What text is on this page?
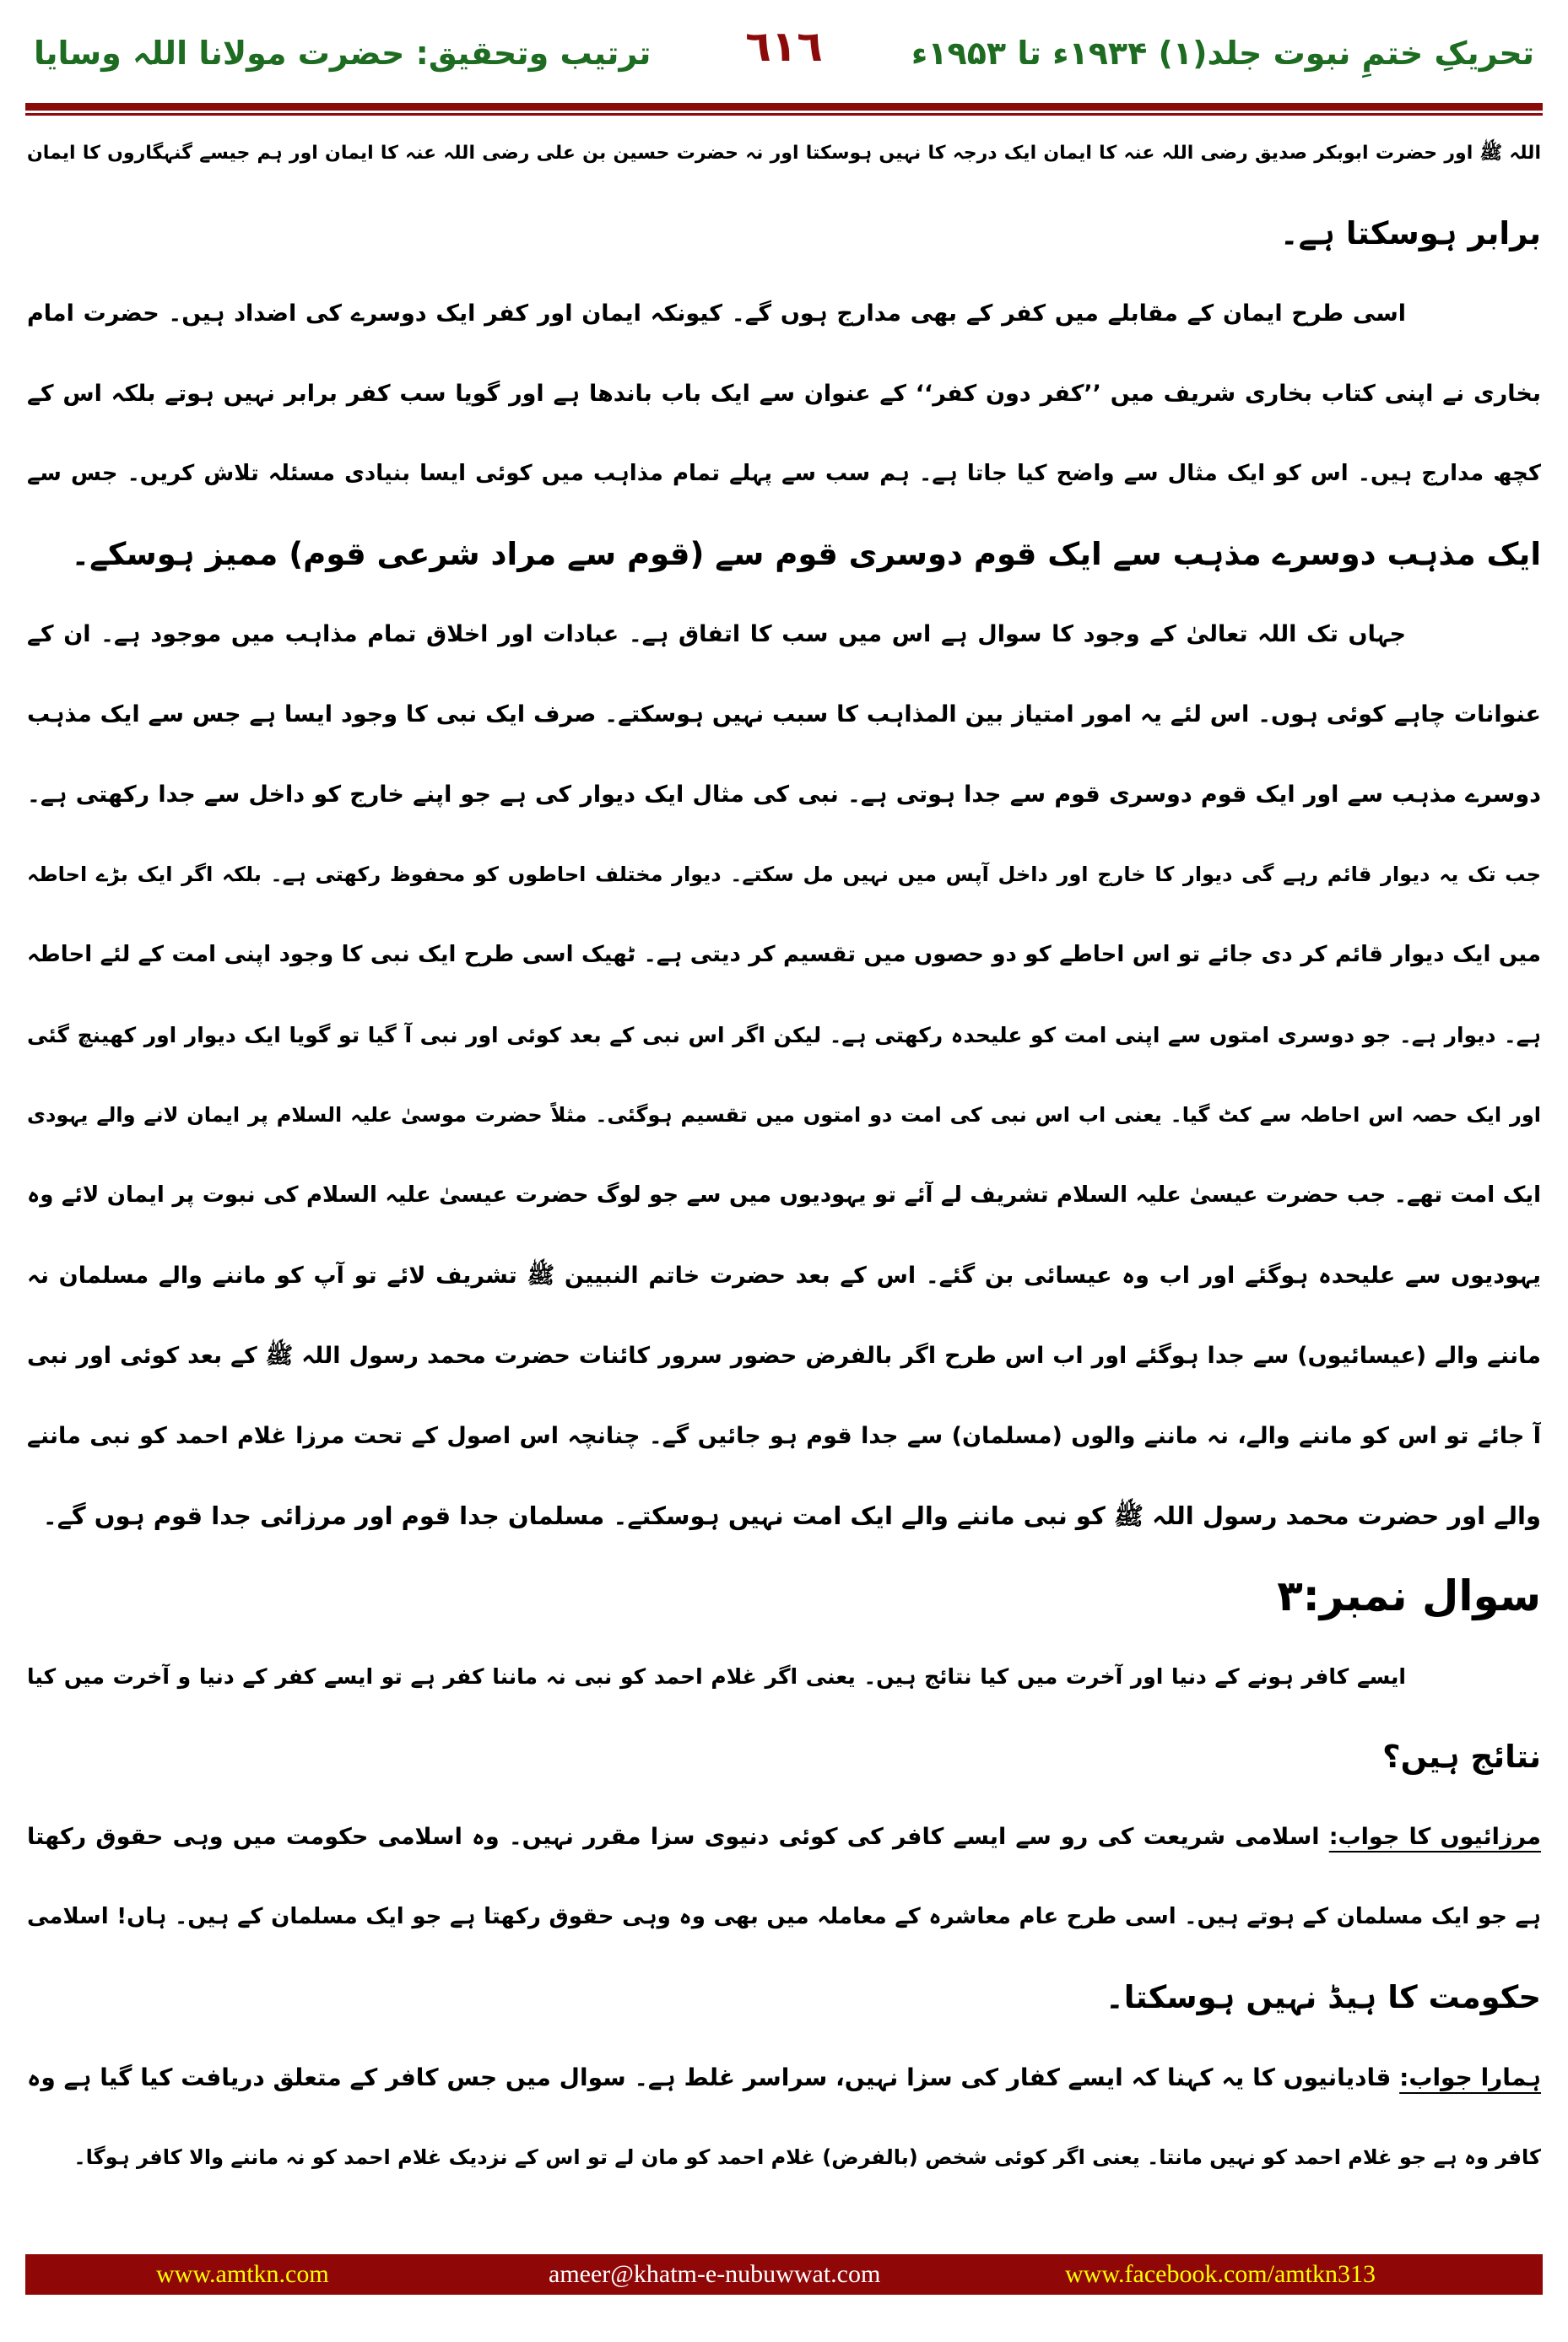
تحریکِ ختمِ نبوت جلد(۱) ۱۹۳۴ء تا ۱۹۵۳ء
٦١٦
ترتیب وتحقیق: حضرت مولانا اللہ وسایا
اللہ ﷺ اور حضرت ابوبکر صدیق رضی اللہ عنہ کا ایمان ایک درجہ کا نہیں ہوسکتا اور نہ حضرت حسین بن علی رضی اللہ عنہ کا ایمان اور ہم جیسے گنہگاروں کا ایمان
برابر ہوسکتا ہے۔
اسی طرح ایمان کے مقابلے میں کفر کے بھی مدارج ہوں گے۔ کیونکہ ایمان اور کفر ایک دوسرے کی اضداد ہیں۔ حضرت امام
بخاری نے اپنی کتاب بخاری شریف میں ’’کفر دون کفر‘‘ کے عنوان سے ایک باب باندھا ہے اور گویا سب کفر برابر نہیں ہوتے بلکہ اس کے
کچھ مدارج ہیں۔ اس کو ایک مثال سے واضح کیا جاتا ہے۔ ہم سب سے پہلے تمام مذاہب میں کوئی ایسا بنیادی مسئلہ تلاش کریں۔ جس سے
ایک مذہب دوسرے مذہب سے ایک قوم دوسری قوم سے (قوم سے مراد شرعی قوم) ممیز ہوسکے۔
جہاں تک اللہ تعالیٰ کے وجود کا سوال ہے اس میں سب کا اتفاق ہے۔ عبادات اور اخلاق تمام مذاہب میں موجود ہے۔ ان کے
عنوانات چاہے کوئی ہوں۔ اس لئے یہ امور امتیاز بین المذاہب کا سبب نہیں ہوسکتے۔ صرف ایک نبی کا وجود ایسا ہے جس سے ایک مذہب
دوسرے مذہب سے اور ایک قوم دوسری قوم سے جدا ہوتی ہے۔ نبی کی مثال ایک دیوار کی ہے جو اپنے خارج کو داخل سے جدا رکھتی ہے۔
جب تک یہ دیوار قائم رہے گی دیوار کا خارج اور داخل آپس میں نہیں مل سکتے۔ دیوار مختلف احاطوں کو محفوظ رکھتی ہے۔ بلکہ اگر ایک بڑے احاطہ
میں ایک دیوار قائم کر دی جائے تو اس احاطے کو دو حصوں میں تقسیم کر دیتی ہے۔ ٹھیک اسی طرح ایک نبی کا وجود اپنی امت کے لئے احاطہ
ہے۔ دیوار ہے۔ جو دوسری امتوں سے اپنی امت کو علیحدہ رکھتی ہے۔ لیکن اگر اس نبی کے بعد کوئی اور نبی آ گیا تو گویا ایک دیوار اور کھینچ گئی
اور ایک حصہ اس احاطہ سے کٹ گیا۔ یعنی اب اس نبی کی امت دو امتوں میں تقسیم ہوگئی۔ مثلاً حضرت موسیٰ علیہ السلام پر ایمان لانے والے یہودی
ایک امت تھے۔ جب حضرت عیسیٰ علیہ السلام تشریف لے آئے تو یہودیوں میں سے جو لوگ حضرت عیسیٰ علیہ السلام کی نبوت پر ایمان لائے وہ
یہودیوں سے علیحدہ ہوگئے اور اب وہ عیسائی بن گئے۔ اس کے بعد حضرت خاتم النبیین ﷺ تشریف لائے تو آپ کو ماننے والے مسلمان نہ
ماننے والے (عیسائیوں) سے جدا ہوگئے اور اب اس طرح اگر بالفرض حضور سرور کائنات حضرت محمد رسول اللہ ﷺ کے بعد کوئی اور نبی
آ جائے تو اس کو ماننے والے، نہ ماننے والوں (مسلمان) سے جدا قوم ہو جائیں گے۔ چنانچہ اس اصول کے تحت مرزا غلام احمد کو نبی ماننے
والے اور حضرت محمد رسول اللہ ﷺ کو نبی ماننے والے ایک امت نہیں ہوسکتے۔ مسلمان جدا قوم اور مرزائی جدا قوم ہوں گے۔
سوال نمبر:۳
ایسے کافر ہونے کے دنیا اور آخرت میں کیا نتائج ہیں۔ یعنی اگر غلام احمد کو نبی نہ ماننا کفر ہے تو ایسے کفر کے دنیا و آخرت میں کیا
نتائج ہیں؟
مرزائیوں کا جواب: اسلامی شریعت کی رو سے ایسے کافر کی کوئی دنیوی سزا مقرر نہیں۔ وہ اسلامی حکومت میں وہی حقوق رکھتا
ہے جو ایک مسلمان کے ہوتے ہیں۔ اسی طرح عام معاشرہ کے معاملہ میں بھی وہ وہی حقوق رکھتا ہے جو ایک مسلمان کے ہیں۔ ہاں! اسلامی
حکومت کا ہیڈ نہیں ہوسکتا۔
ہمارا جواب: قادیانیوں کا یہ کہنا کہ ایسے کفار کی سزا نہیں، سراسر غلط ہے۔ سوال میں جس کافر کے متعلق دریافت کیا گیا ہے وہ
کافر وہ ہے جو غلام احمد کو نہیں مانتا۔ یعنی اگر کوئی شخص (بالفرض) غلام احمد کو مان لے تو اس کے نزدیک غلام احمد کو نہ ماننے والا کافر ہوگا۔
www.amtkn.com	ameer@khatm-e-nubuwwat.com	www.facebook.com/amtkn313
